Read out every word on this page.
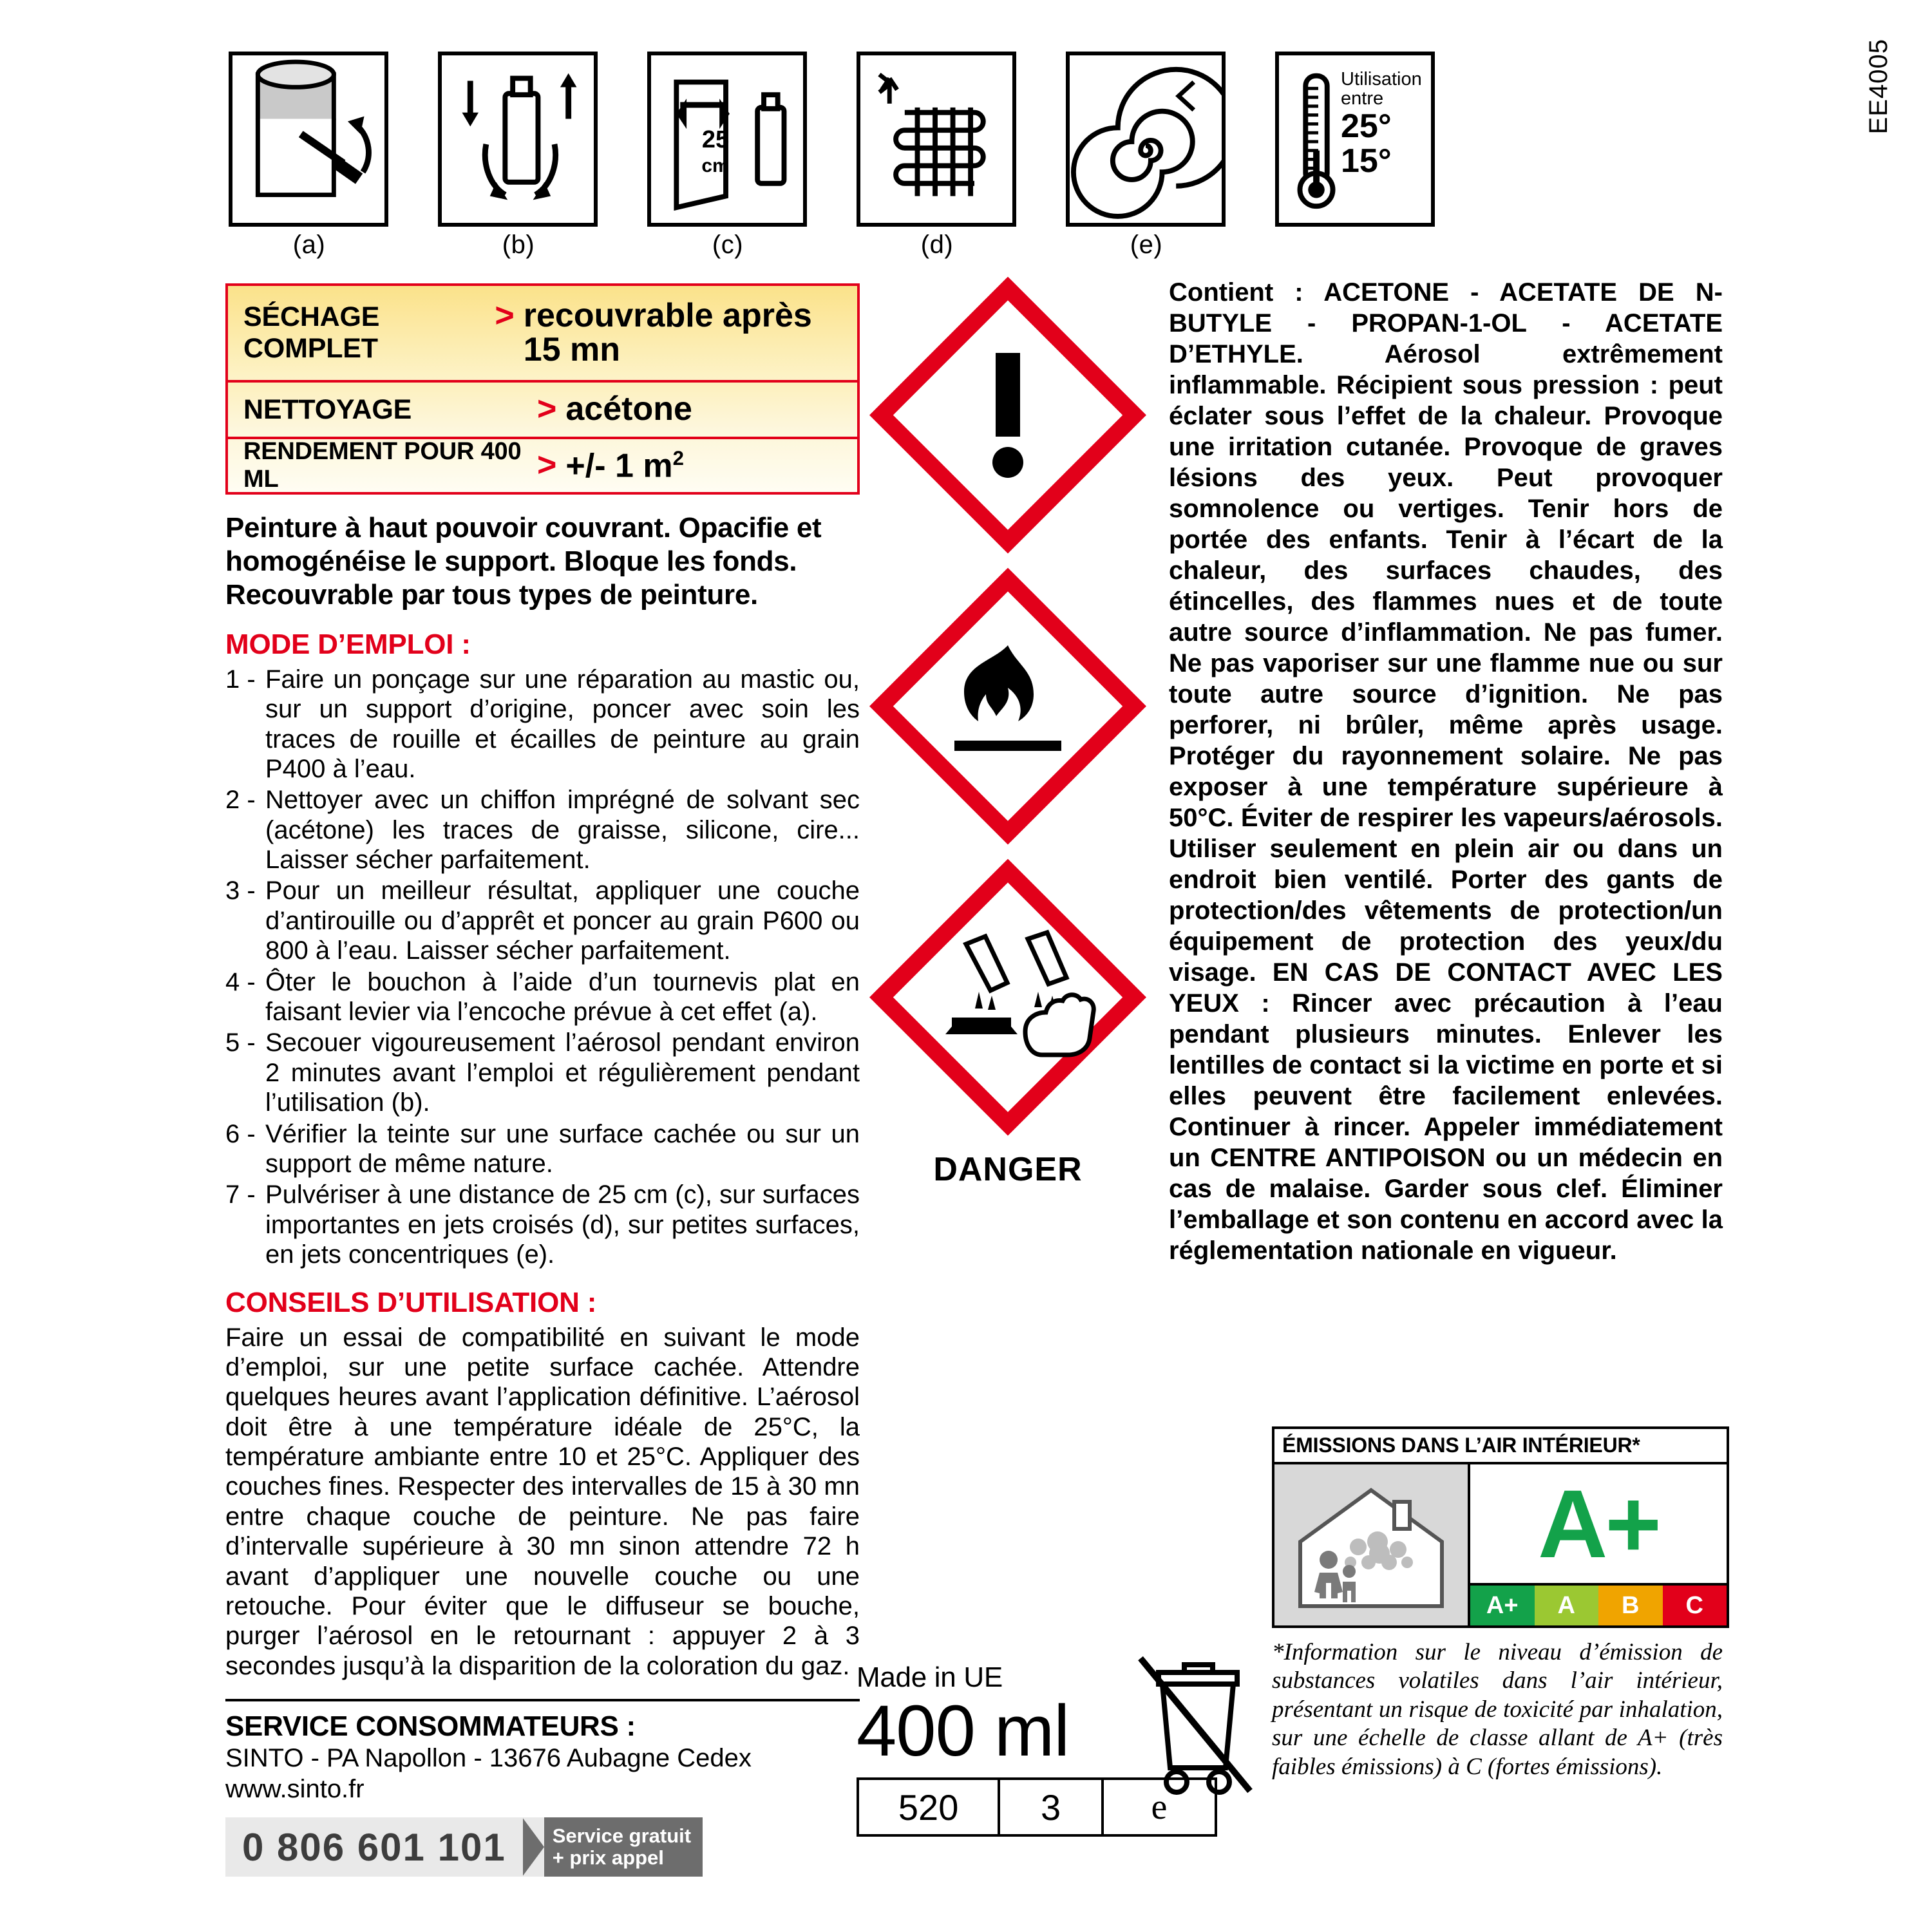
EE4005
(a)	(b)
25
cm
(c)	(d)	(e)
Utilisation
entre
25°
15°
SÉCHAGE COMPLET
> recouvrable après 15 mn
NETTOYAGE	> acétone
RENDEMENT POUR 400 ML	> +/- 1 $m^2$
Peinture à haut pouvoir couvrant. Opacifie et homogénéise le support. Bloque les fonds. Recouvrable par tous types de peinture.
MODE D’EMPLOI :
1 - Faire un ponçage sur une réparation au mastic ou, sur un support d’origine, poncer avec soin les traces de rouille et écailles de peinture au grain P400 à l’eau.
2 - Nettoyer avec un chiffon imprégné de solvant sec (acétone) les traces de graisse, silicone, cire... Laisser sécher parfaitement.
3 - Pour un meilleur résultat, appliquer une couche d’antirouille ou d’apprêt et poncer au grain P600 ou 800 à l’eau. Laisser sécher parfaitement.
4 - Ôter le bouchon à l’aide d’un tournevis plat en faisant levier via l’encoche prévue à cet effet (a).
5 - Secouer vigoureusement l’aérosol pendant environ 2 minutes avant l’emploi et régulièrement pendant l’utilisation (b).
6 - Vérifier la teinte sur une surface cachée ou sur un support de même nature.
7 - Pulvériser à une distance de 25 cm (c), sur surfaces importantes en jets croisés (d), sur petites surfaces, en jets concentriques (e).
CONSEILS D’UTILISATION :
Faire un essai de compatibilité en suivant le mode d’emploi, sur une petite surface cachée. Attendre quelques heures avant l’application définitive. L’aérosol doit être à une température idéale de 25°C, la température ambiante entre 10 et 25°C. Appliquer des couches fines. Respecter des intervalles de 15 à 30 mn entre chaque couche de peinture. Ne pas faire d’intervalle supérieure à 30 mn sinon attendre 72 h avant d’appliquer une nouvelle couche ou une retouche. Pour éviter que le diffuseur se bouche, purger l’aérosol en le retournant : appuyer 2 à 3 secondes jusqu’à la disparition de la coloration du gaz.
SERVICE CONSOMMATEURS :
SINTO - PA Napollon - 13676 Aubagne Cedex
www.sinto.fr
0 806 601 101	Service gratuit
+ prix appel
DANGER
Contient : ACETONE - ACETATE DE N-BUTYLE - PROPAN-1-OL - ACETATE D’ETHYLE. Aérosol extrêmement inflammable. Récipient sous pression : peut éclater sous l’effet de la chaleur. Provoque une irritation cutanée. Provoque de graves lésions des yeux. Peut provoquer somnolence ou vertiges. Tenir hors de portée des enfants. Tenir à l’écart de la chaleur, des surfaces chaudes, des étincelles, des flammes nues et de toute autre source d’inflammation. Ne pas fumer. Ne pas vaporiser sur une flamme nue ou sur toute autre source d’ignition. Ne pas perforer, ni brûler, même après usage. Protéger du rayonnement solaire. Ne pas exposer à une température supérieure à 50°C. Éviter de respirer les vapeurs/aérosols. Utiliser seulement en plein air ou dans un endroit bien ventilé. Porter des gants de protection/des vêtements de protection/un équipement de protection des yeux/du visage. EN CAS DE CONTACT AVEC LES YEUX : Rincer avec précaution à l’eau pendant plusieurs minutes. Enlever les lentilles de contact si la victime en porte et si elles peuvent être facilement enlevées. Continuer à rincer. Appeler immédiatement un CENTRE ANTIPOISON ou un médecin en cas de malaise. Garder sous clef. Éliminer l’emballage et son contenu en accord avec la réglementation nationale en vigueur.
Made in UE
400 ml
520	3	e
ÉMISSIONS DANS L’AIR INTÉRIEUR*
A+
A+	A	B	C
*Information sur le niveau d’émission de substances volatiles dans l’air intérieur, présentant un risque de toxicité par inhalation, sur une échelle de classe allant de A+ (très faibles émissions) à C (fortes émissions).
